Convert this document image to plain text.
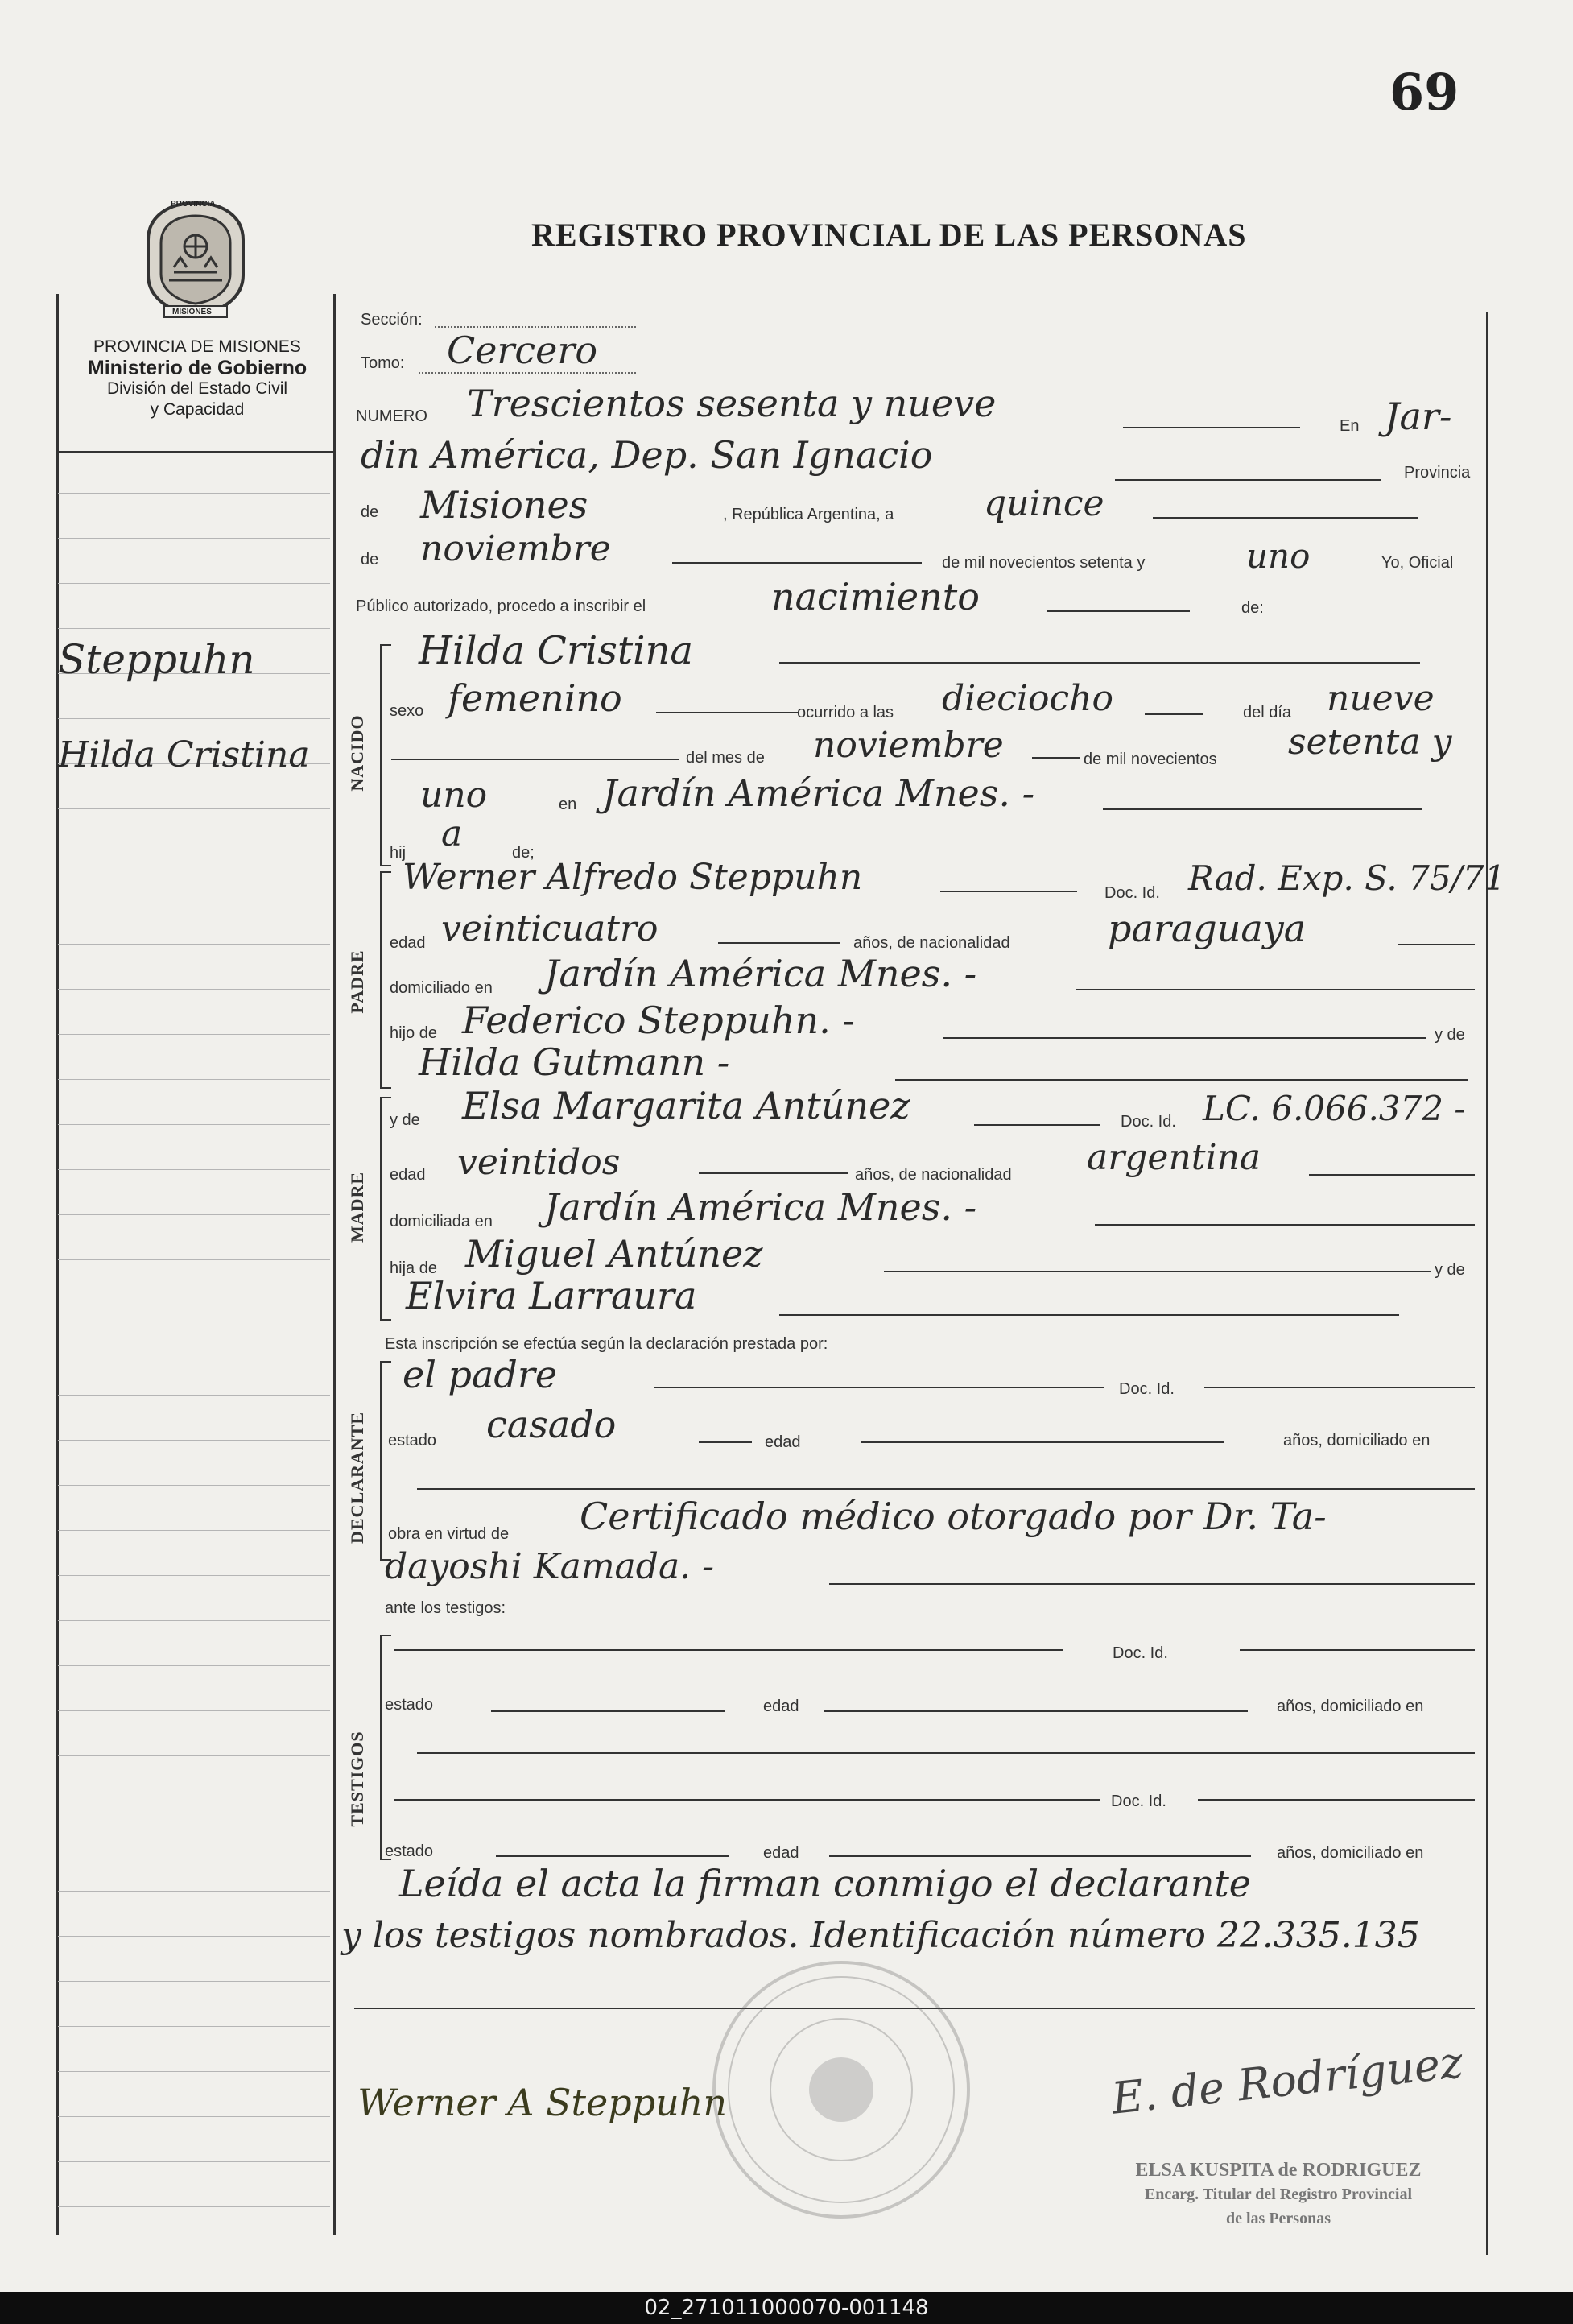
69
PROVINCIA
MISIONES
REGISTRO PROVINCIAL DE LAS PERSONAS
PROVINCIA DE MISIONES
Ministerio de Gobierno
División del Estado Civil
y Capacidad
Steppuhn
Hilda Cristina
Sección:
Tomo: Cercero
NUMERO Trescientos sesenta y nueve
En Jar-
din América, Dep. San Ignacio	Provincia
de Misiones	, República Argentina, a	quince
de noviembre	de mil novecientos setenta y	uno	Yo, Oficial
Público autorizado, procedo a inscribir el	nacimiento	de:
NACIDO
Hilda Cristina
sexo femenino	ocurrido a las dieciocho	del día nueve
del mes de noviembre	de mil novecientos setenta y
uno	en Jardín América Mnes. -
hij a	de;
PADRE
Werner Alfredo Steppuhn	Doc. Id. Rad. Exp. S. 75/71
edad veinticuatro	años, de nacionalidad	paraguaya
domiciliado en Jardín América Mnes. -
hijo de Federico Steppuhn. -	y de
Hilda Gutmann -
MADRE
y de Elsa Margarita Antúnez	Doc. Id. LC. 6.066.372 -
edad veintidos	años, de nacionalidad argentina
domiciliada en Jardín América Mnes. -
hija de Miguel Antúnez	y de
Elvira Larraura
Esta inscripción se efectúa según la declaración prestada por:
DECLARANTE
el padre	Doc. Id.
estado casado	edad	años, domiciliado en
obra en virtud de Certificado médico otorgado por Dr. Ta-
dayoshi Kamada. -
ante los testigos:
TESTIGOS
Doc. Id.
estado	edad	años, domiciliado en
Doc. Id.
estado	edad	años, domiciliado en
Leída el acta la firman conmigo el declarante
y los testigos nombrados. Identificación número 22.335.135
Werner A Steppuhn	E. de Rodríguez
ELSA KUSPITA de RODRIGUEZ
Encarg. Titular del Registro Provincial
de las Personas
02_271011000070-001148
